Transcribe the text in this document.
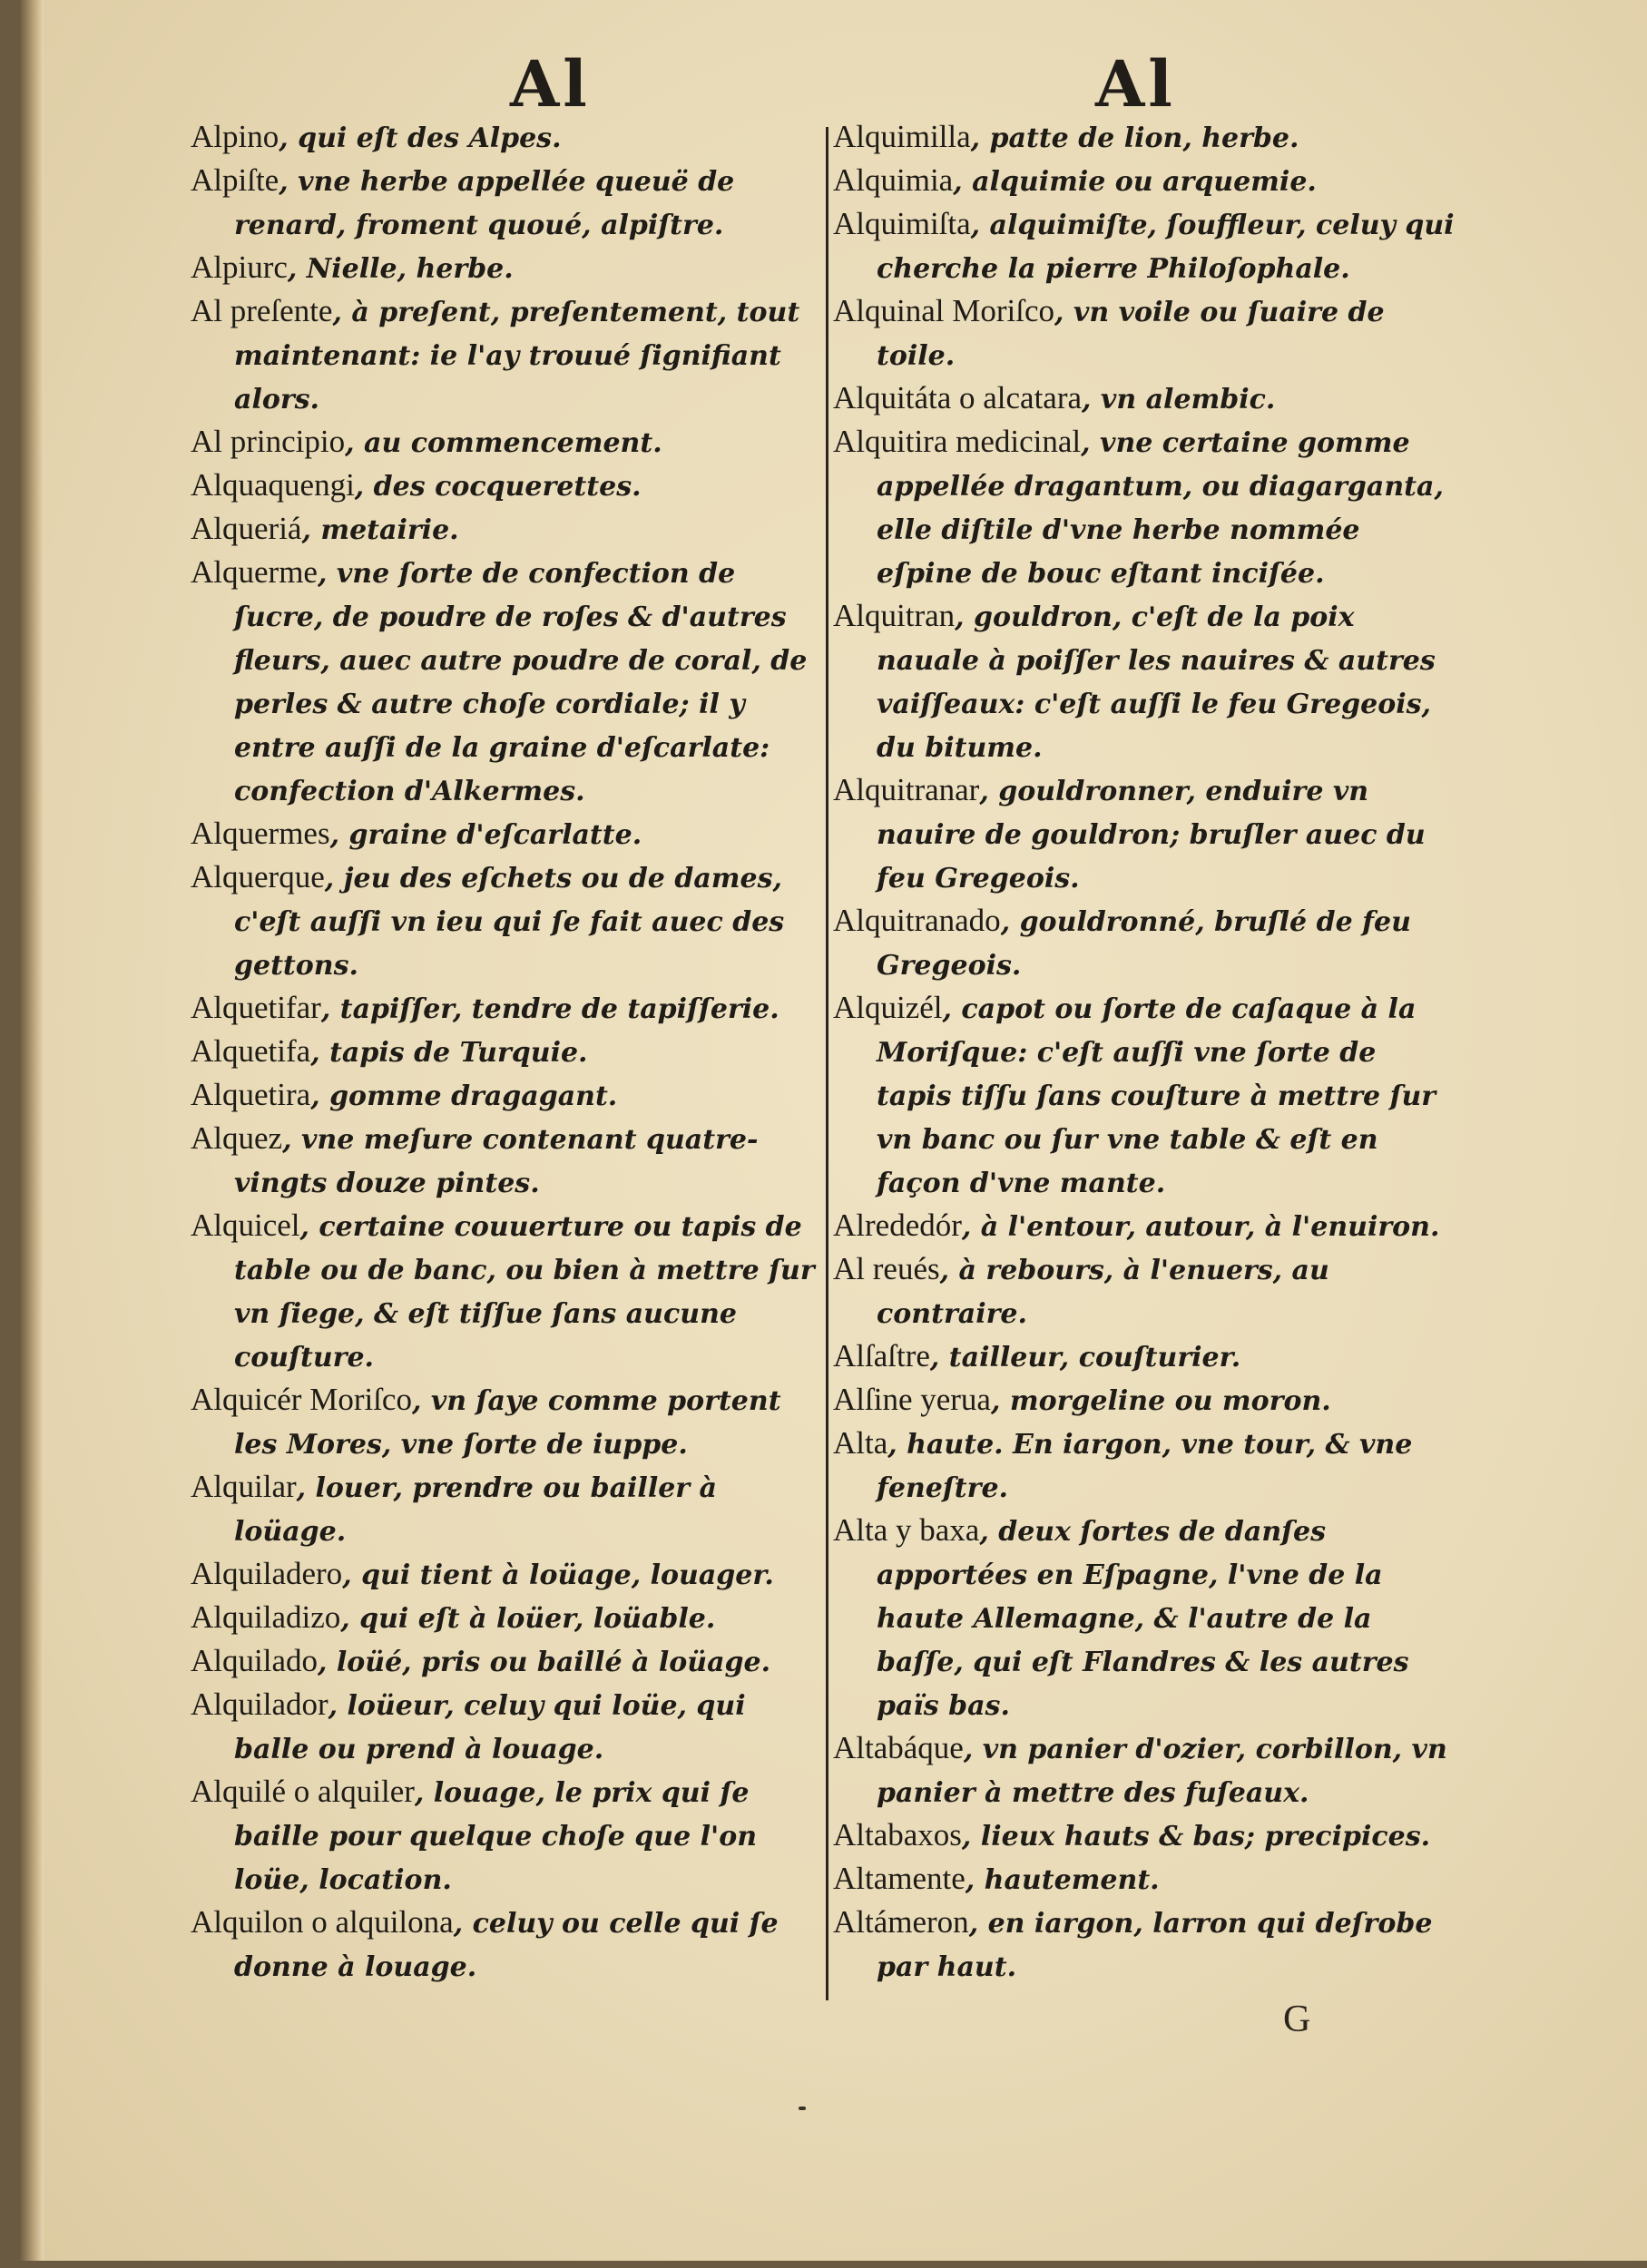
Al	Al
Alpino, qui eſt des Alpes.
Alpiſte, vne herbe appellée queuë de renard, froment quoué, alpiſtre.
Alpiurc, Nielle, herbe.
Al preſente, à preſent, preſentement, tout maintenant: ie l'ay trouué ſignifiant alors.
Al principio, au commencement.
Alquaquengi, des cocquerettes.
Alqueriá, metairie.
Alquerme, vne ſorte de confection de ſucre, de poudre de roſes & d'autres fleurs, auec autre poudre de coral, de perles & autre choſe cordiale; il y entre auſſi de la graine d'eſcarlate: confection d'Alkermes.
Alquermes, graine d'eſcarlatte.
Alquerque, jeu des eſchets ou de dames, c'eſt auſſi vn ieu qui ſe fait auec des gettons.
Alquetifar, tapiſſer, tendre de tapiſſerie.
Alquetifa, tapis de Turquie.
Alquetira, gomme dragagant.
Alquez, vne meſure contenant quatre-vingts douze pintes.
Alquicel, certaine couuerture ou tapis de table ou de banc, ou bien à mettre ſur vn ſiege, & eſt tiſſue ſans aucune couſture.
Alquicér Moriſco, vn ſaye comme portent les Mores, vne ſorte de iuppe.
Alquilar, louer, prendre ou bailler à loüage.
Alquiladero, qui tient à loüage, louager.
Alquiladizo, qui eſt à loüer, loüable.
Alquilado, loüé, pris ou baillé à loüage.
Alquilador, loüeur, celuy qui loüe, qui balle ou prend à louage.
Alquilé o alquiler, louage, le prix qui ſe baille pour quelque choſe que l'on loüe, location.
Alquilon o alquilona, celuy ou celle qui ſe donne à louage.
Alquimilla, patte de lion, herbe.
Alquimia, alquimie ou arquemie.
Alquimiſta, alquimiſte, ſouffleur, celuy qui cherche la pierre Philoſophale.
Alquinal Moriſco, vn voile ou ſuaire de toile.
Alquitáta o alcatara, vn alembic.
Alquitira medicinal, vne certaine gomme appellée dragantum, ou diagarganta, elle diſtile d'vne herbe nommée eſpine de bouc eſtant inciſée.
Alquitran, gouldron, c'eſt de la poix nauale à poiſſer les nauires & autres vaiſſeaux: c'eſt auſſi le feu Gregeois, du bitume.
Alquitranar, gouldronner, enduire vn nauire de gouldron; bruſler auec du feu Gregeois.
Alquitranado, gouldronné, bruſlé de feu Gregeois.
Alquizél, capot ou ſorte de caſaque à la Moriſque: c'eſt auſſi vne ſorte de tapis tiſſu ſans couſture à mettre ſur vn banc ou ſur vne table & eſt en façon d'vne mante.
Alrededór, à l'entour, autour, à l'enuiron.
Al reués, à rebours, à l'enuers, au contraire.
Alſaſtre, tailleur, couſturier.
Alſine yerua, morgeline ou moron.
Alta, haute. En iargon, vne tour, & vne feneſtre.
Alta y baxa, deux ſortes de danſes apportées en Eſpagne, l'vne de la haute Allemagne, & l'autre de la baſſe, qui eſt Flandres & les autres païs bas.
Altabáque, vn panier d'ozier, corbillon, vn panier à mettre des fuſeaux.
Altabaxos, lieux hauts & bas; precipices.
Altamente, hautement.
Altámeron, en iargon, larron qui deſrobe par haut.
G
